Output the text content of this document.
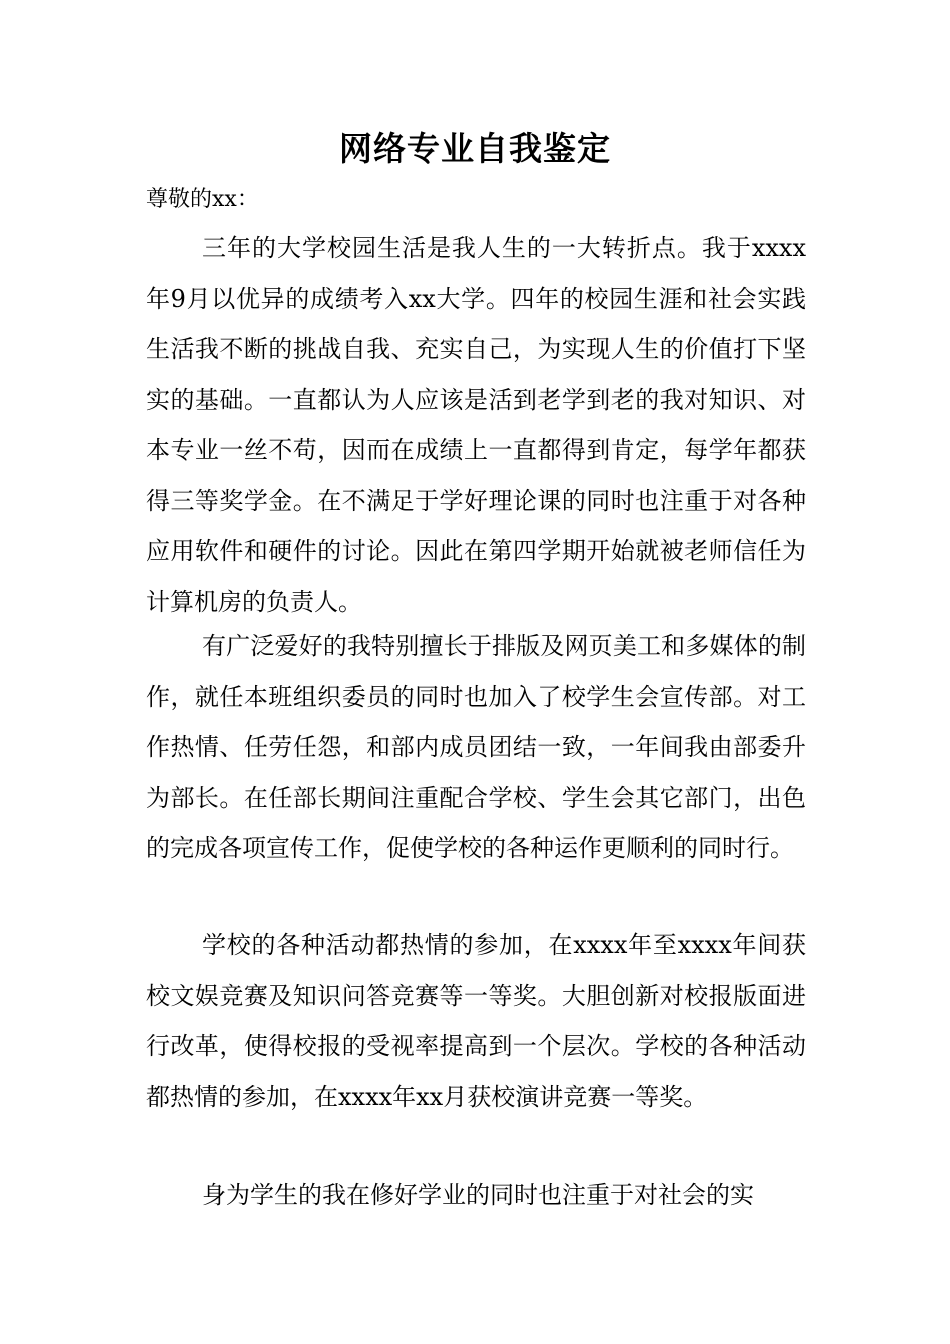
网络专业自我鉴定

尊敬的xx：

三年的大学校园生活是我人生的一大转折点。我于xxxx年9月以优异的成绩考入xx大学。四年的校园生涯和社会实践生活我不断的挑战自我、充实自己，为实现人生的价值打下坚实的基础。一直都认为人应该是活到老学到老的我对知识、对本专业一丝不苟，因而在成绩上一直都得到肯定，每学年都获得三等奖学金。在不满足于学好理论课的同时也注重于对各种应用软件和硬件的讨论。因此在第四学期开始就被老师信任为计算机房的负责人。

有广泛爱好的我特别擅长于排版及网页美工和多媒体的制作，就任本班组织委员的同时也加入了校学生会宣传部。对工作热情、任劳任怨，和部内成员团结一致，一年间我由部委升为部长。在任部长期间注重配合学校、学生会其它部门，出色的完成各项宣传工作，促使学校的各种运作更顺利的同时行。

学校的各种活动都热情的参加，在xxxx年至xxxx年间获校文娱竞赛及知识问答竞赛等一等奖。大胆创新对校报版面进行改革，使得校报的受视率提高到一个层次。学校的各种活动都热情的参加，在xxxx年xx月获校演讲竞赛一等奖。

身为学生的我在修好学业的同时也注重于对社会的实
